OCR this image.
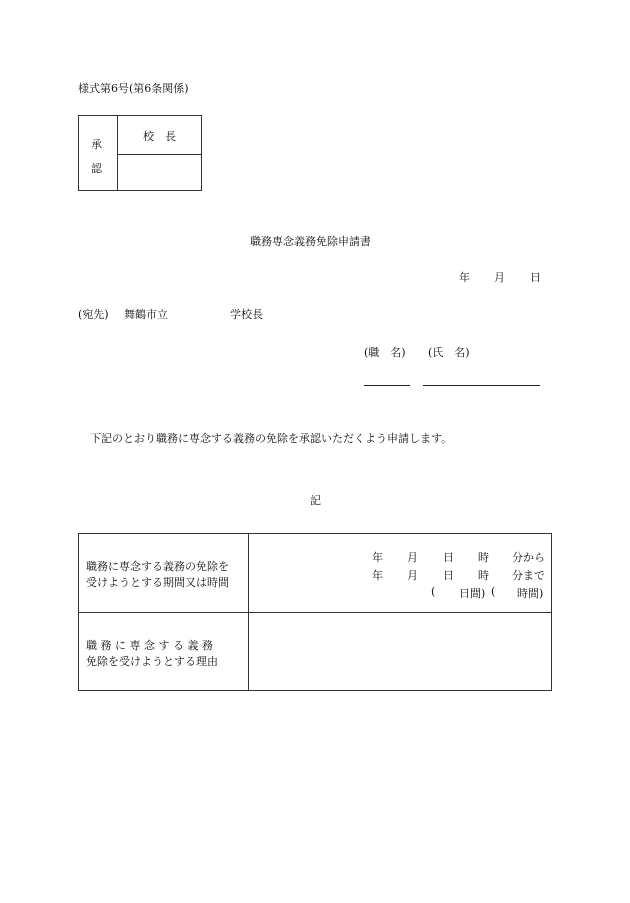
様式第6号(第6条関係)
承
認
校　長
職務専念義務免除申請書
年 月 日
(宛先) 舞鶴市立	学校長
(職　名) (氏　名)
下記のとおり職務に専念する義務の免除を承認いただくよう申請します。
記
職務に専念する義務の免除を
受けようとする期間又は時間
年 月 日 時 分から
年 月 日 時 分まで
( 日間) ( 時間)
職 務 に 専 念 す る 義 務
免除を受けようとする理由
